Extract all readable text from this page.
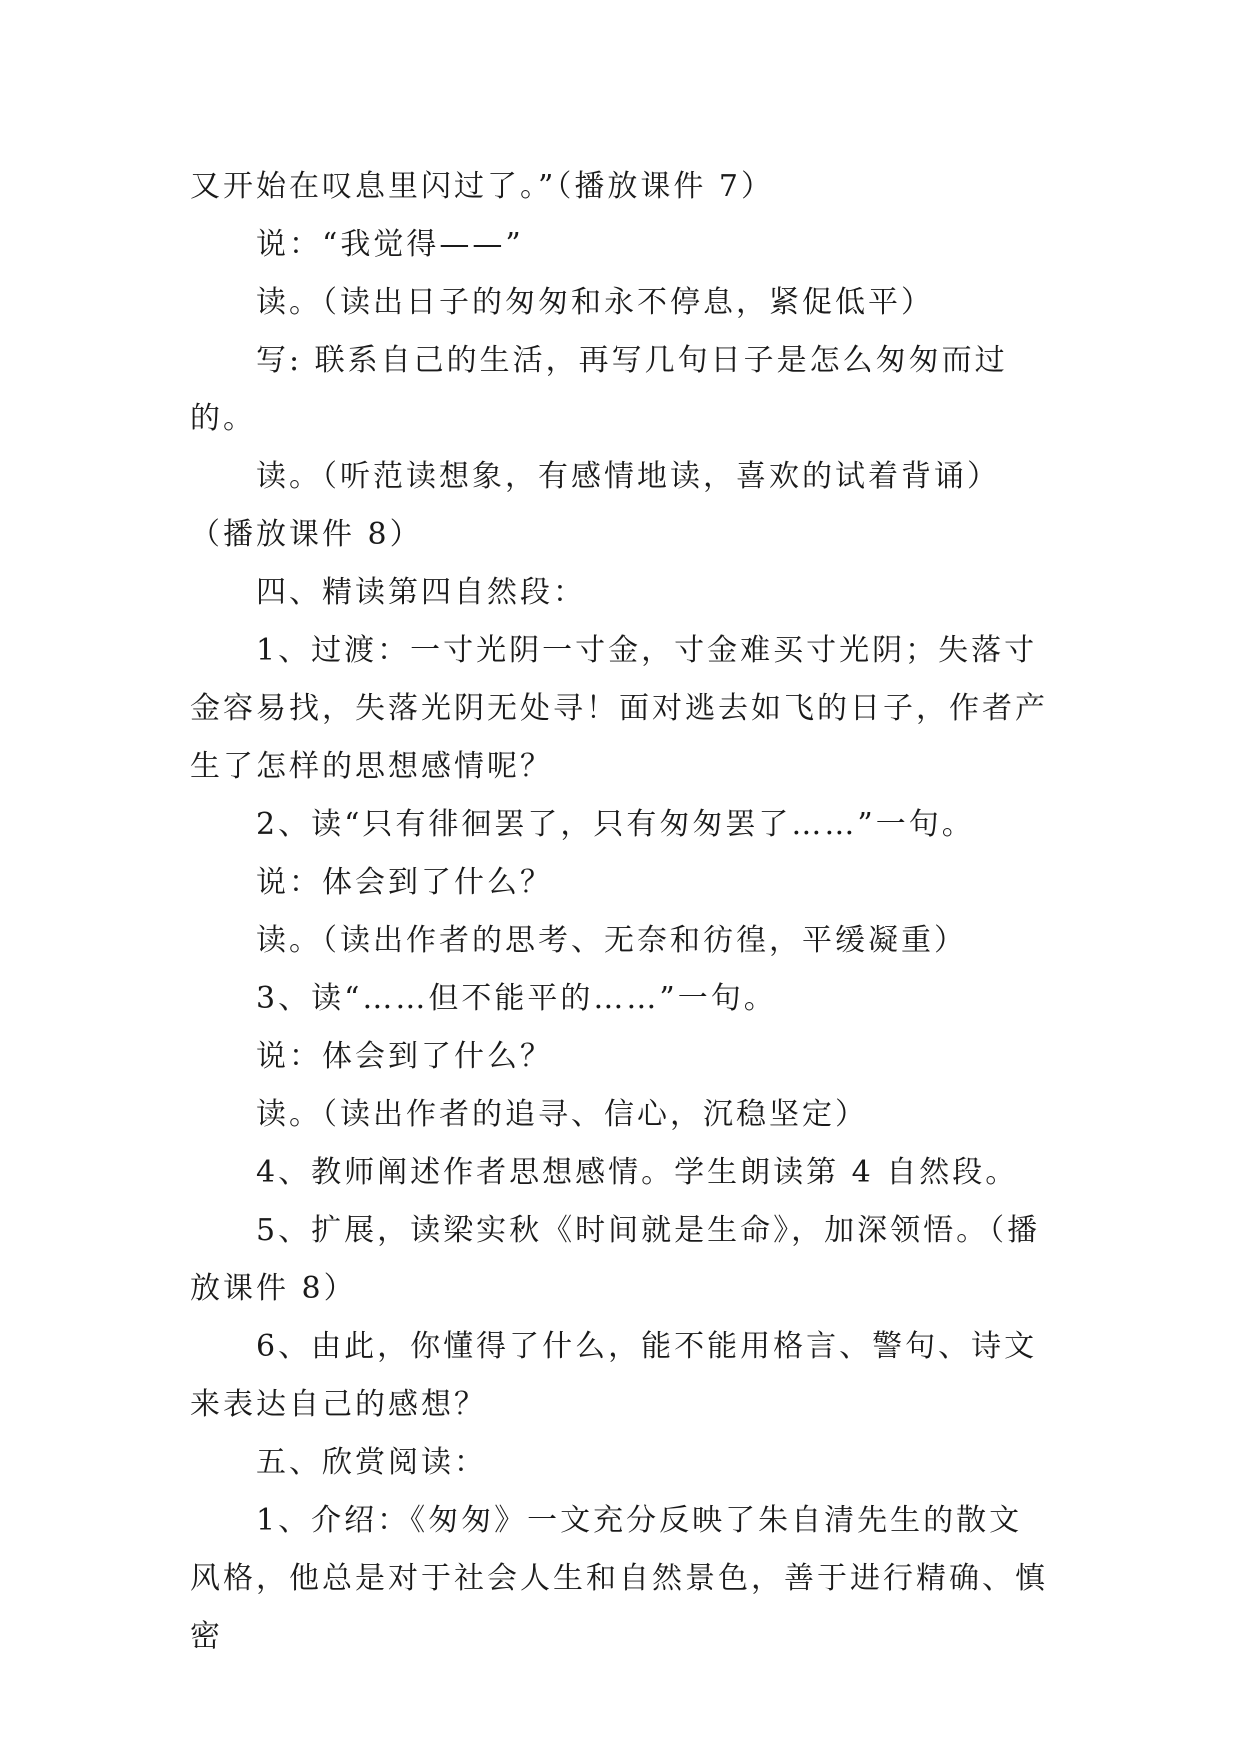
又开始在叹息里闪过了。”（播放课件 7）

说：“我觉得——”

读。（读出日子的匆匆和永不停息，紧促低平）

写: 联系自己的生活，再写几句日子是怎么匆匆而过的。

读。（听范读想象，有感情地读，喜欢的试着背诵）（播放课件 8）

四、精读第四自然段：

1、过渡：一寸光阴一寸金，寸金难买寸光阴；失落寸金容易找，失落光阴无处寻！面对逃去如飞的日子，作者产生了怎样的思想感情呢？

2、读“只有徘徊罢了，只有匆匆罢了……”一句。

说：体会到了什么？

读。（读出作者的思考、无奈和彷徨，平缓凝重）

3、读“……但不能平的……”一句。

说：体会到了什么？

读。（读出作者的追寻、信心，沉稳坚定）

4、教师阐述作者思想感情。学生朗读第 4 自然段。

5、扩展，读梁实秋《时间就是生命》，加深领悟。（播放课件 8）

6、由此，你懂得了什么，能不能用格言、警句、诗文来表达自己的感想？

五、欣赏阅读：

1、介绍：《匆匆》一文充分反映了朱自清先生的散文风格，他总是对于社会人生和自然景色，善于进行精确、慎密
